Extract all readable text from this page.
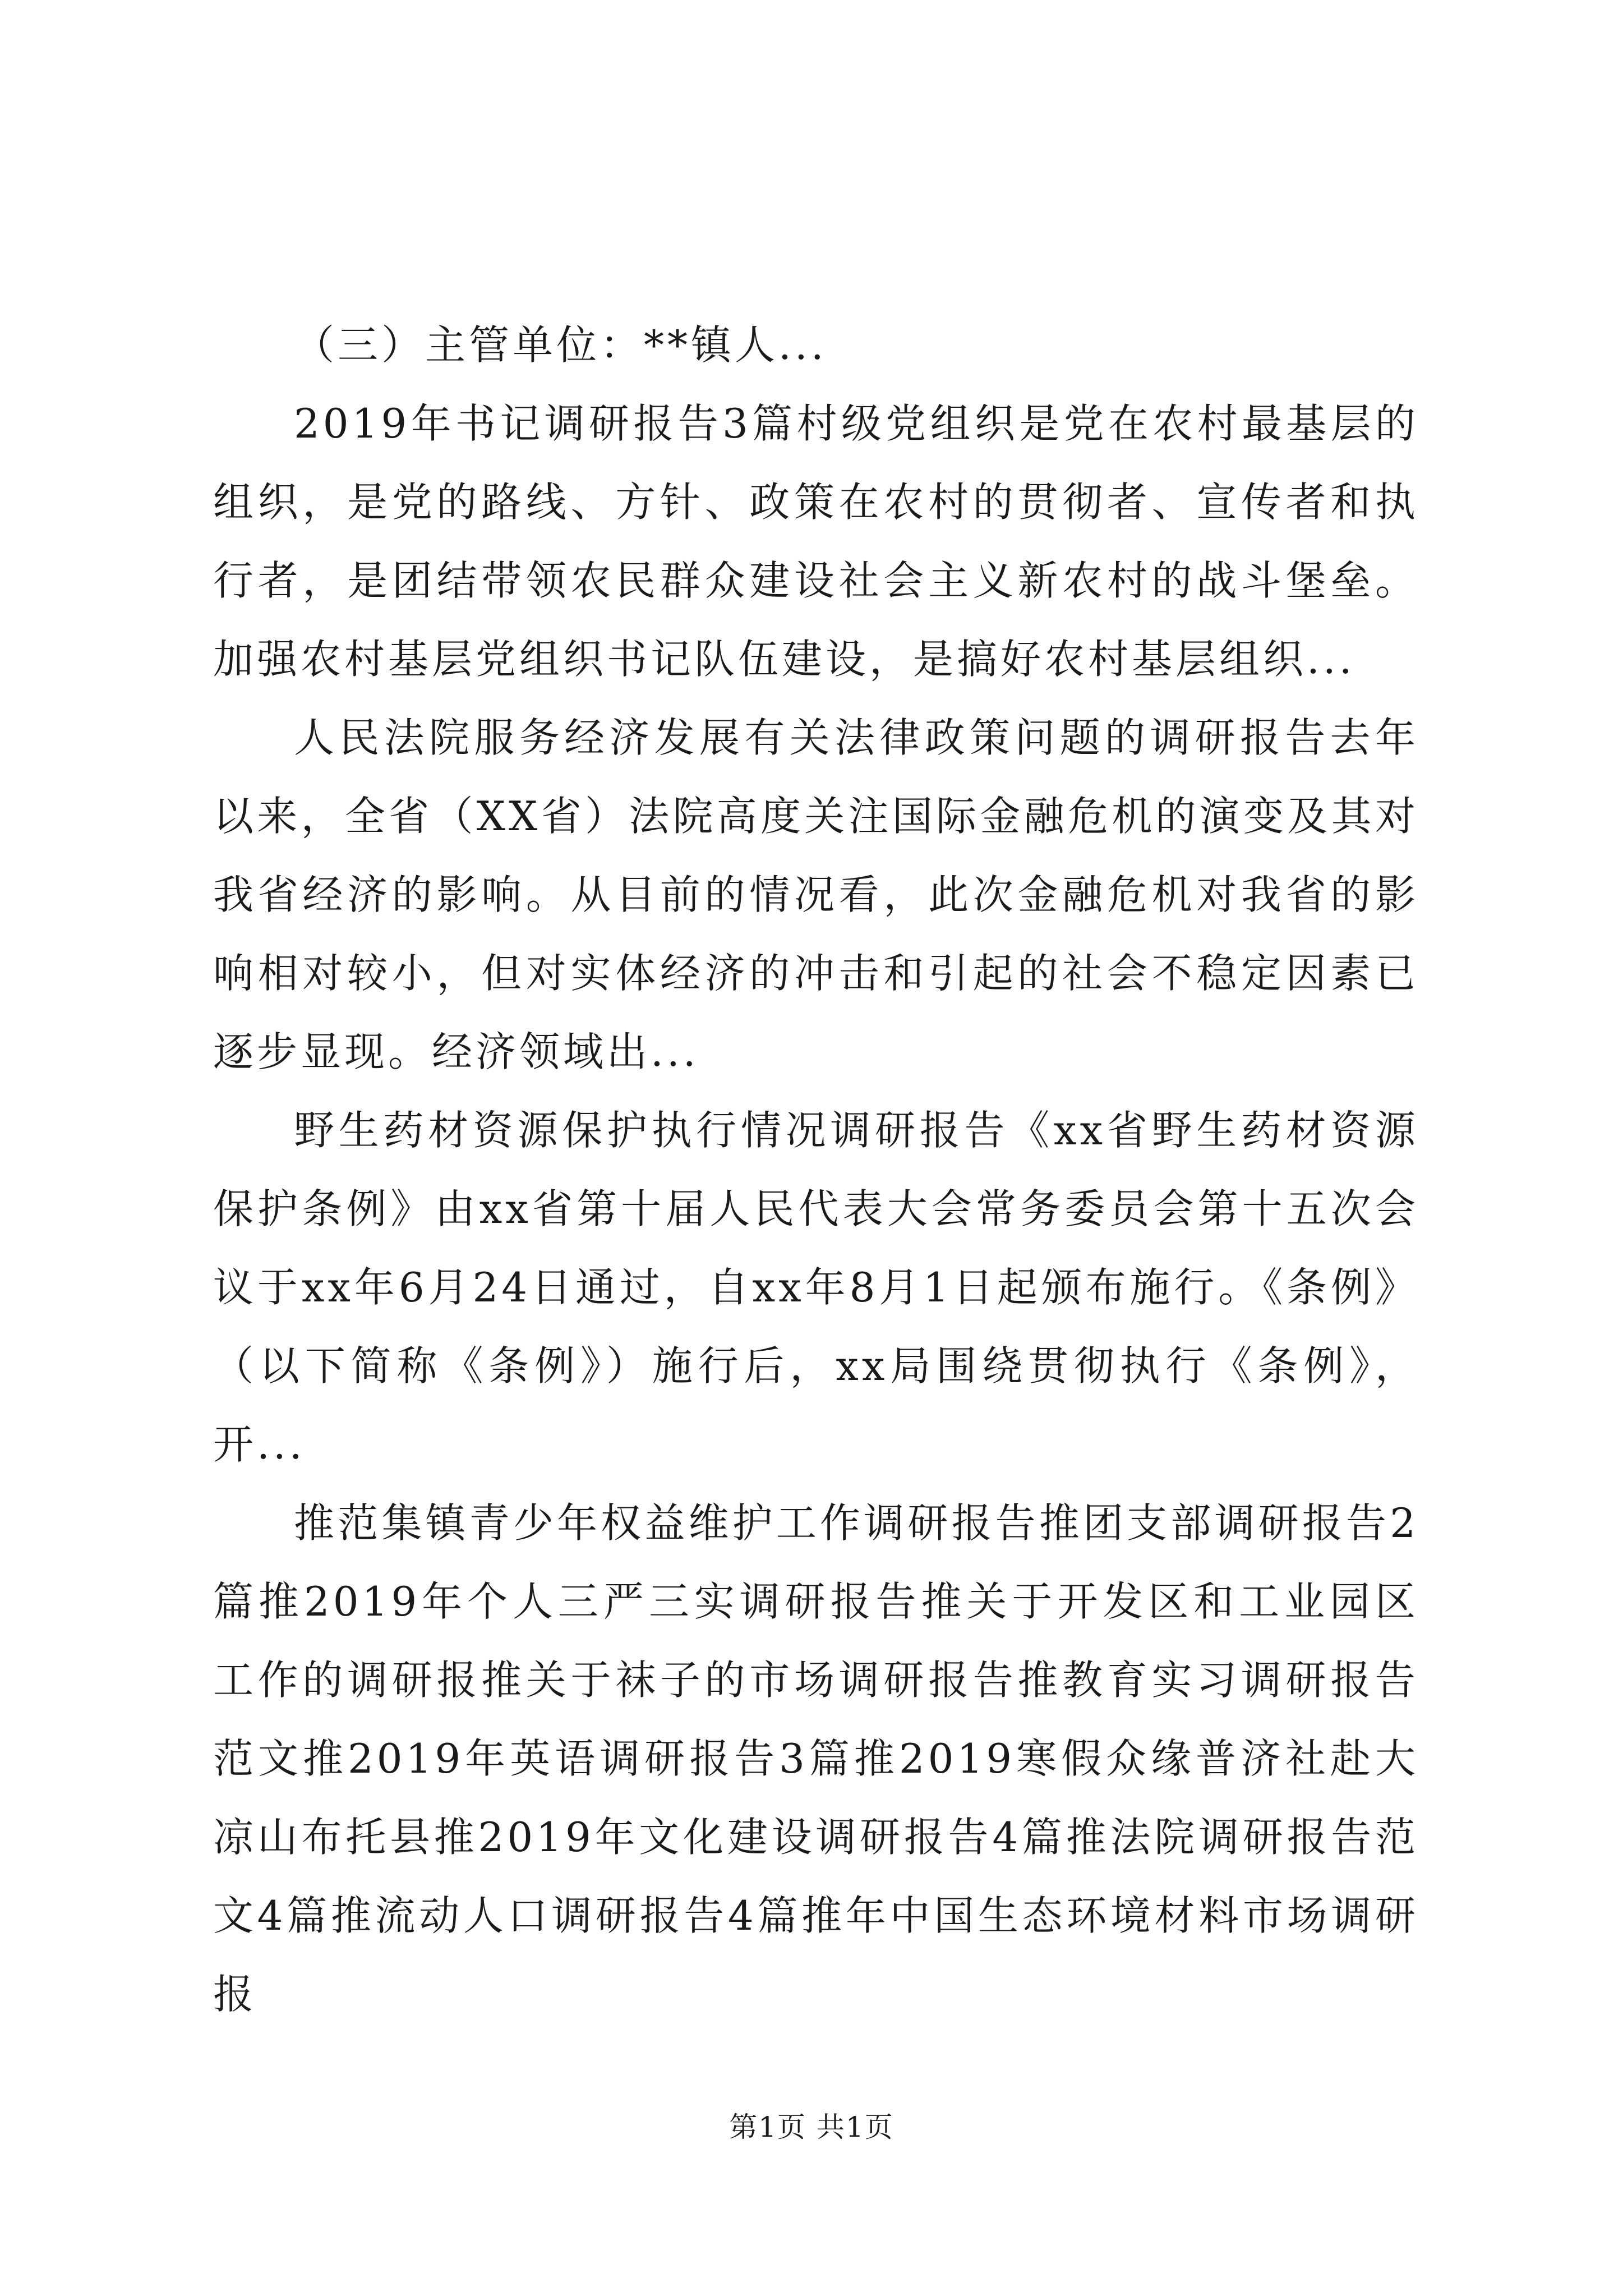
（三）主管单位：**镇人...

2019年书记调研报告3篇村级党组织是党在农村最基层的组织，是党的路线、方针、政策在农村的贯彻者、宣传者和执行者，是团结带领农民群众建设社会主义新农村的战斗堡垒。加强农村基层党组织书记队伍建设，是搞好农村基层组织...

人民法院服务经济发展有关法律政策问题的调研报告去年以来，全省（XX省）法院高度关注国际金融危机的演变及其对我省经济的影响。从目前的情况看，此次金融危机对我省的影响相对较小，但对实体经济的冲击和引起的社会不稳定因素已逐步显现。经济领域出...

野生药材资源保护执行情况调研报告《xx省野生药材资源保护条例》由xx省第十届人民代表大会常务委员会第十五次会议于xx年6月24日通过，自xx年8月1日起颁布施行。《条例》（以下简称《条例》）施行后，xx局围绕贯彻执行《条例》，开...

推范集镇青少年权益维护工作调研报告推团支部调研报告2篇推2019年个人三严三实调研报告推关于开发区和工业园区工作的调研报推关于袜子的市场调研报告推教育实习调研报告范文推2019年英语调研报告3篇推2019寒假众缘普济社赴大凉山布托县推2019年文化建设调研报告4篇推法院调研报告范文4篇推流动人口调研报告4篇推年中国生态环境材料市场调研报

第1页 共1页
